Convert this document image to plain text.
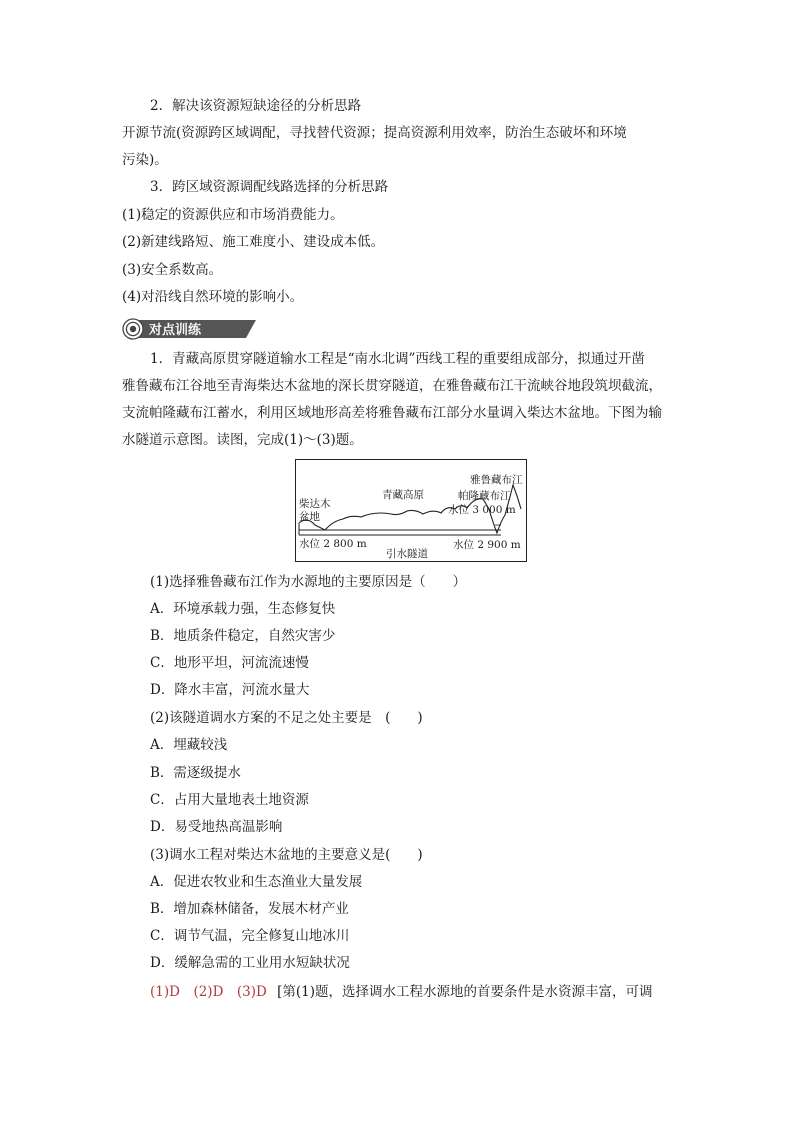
2．解决该资源短缺途径的分析思路
开源节流(资源跨区域调配，寻找替代资源；提高资源利用效率，防治生态破坏和环境
污染)。
3．跨区域资源调配线路选择的分析思路
(1)稳定的资源供应和市场消费能力。
(2)新建线路短、施工难度小、建设成本低。
(3)安全系数高。
(4)对沿线自然环境的影响小。
对点训练
1．青藏高原贯穿隧道输水工程是“南水北调”西线工程的重要组成部分，拟通过开凿
雅鲁藏布江谷地至青海柴达木盆地的深长贯穿隧道，在雅鲁藏布江干流峡谷地段筑坝截流，
支流帕隆藏布江蓄水，利用区域地形高差将雅鲁藏布江部分水量调入柴达木盆地。下图为输
水隧道示意图。读图，完成(1)～(3)题。
柴达木
盆地
青藏高原
雅鲁藏布江
帕隆藏布江
水位 3 000 m
水位 2 800 m
引水隧道
水位 2 900 m
(1)选择雅鲁藏布江作为水源地的主要原因是（　　）
A．环境承载力强，生态修复快
B．地质条件稳定，自然灾害少
C．地形平坦，河流流速慢
D．降水丰富，河流水量大
(2)该隧道调水方案的不足之处主要是　(　　)
A．埋藏较浅
B．需逐级提水
C．占用大量地表土地资源
D．易受地热高温影响
(3)调水工程对柴达木盆地的主要意义是(　　)
A．促进农牧业和生态渔业大量发展
B．增加森林储备，发展木材产业
C．调节气温，完全修复山地冰川
D．缓解急需的工业用水短缺状况
(1)D　(2)D　(3)D [第(1)题，选择调水工程水源地的首要条件是水资源丰富，可调
